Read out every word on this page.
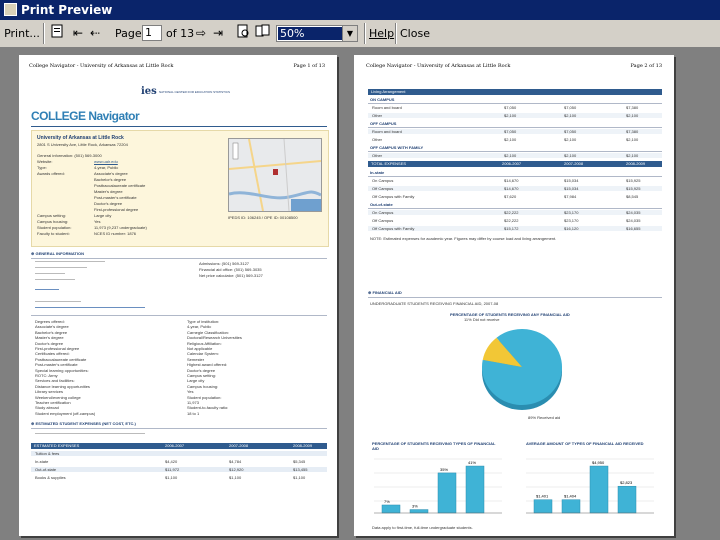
Print Preview
Print...	⇤ ⇠ Page 1	of 13 ⇨ ⇥	50%	▼	Help Close
College Navigator - University of Arkansas at Little Rock	Page 1 of 13
ies NATIONAL CENTER FOR EDUCATION STATISTICS
COLLEGE Navigator
University of Arkansas at Little Rock
2801 S University Ave, Little Rock, Arkansas 72204
General information: (501) 569-3000
Website:	www.ualr.edu
Type:	4-year, Public
Awards offered:	Associate's degree
Bachelor's degree
Postbaccalaureate certificate
Master's degree
Post-master's certificate
Doctor's degree
First-professional degree
Campus setting:	Large city
Campus housing:	Yes
Student population:	11,973 (9,237 undergraduate)
Faculty to student:	NCES ID number: 1876
IPEDS ID: 106245 / OPE ID: 00108500
⊕ GENERAL INFORMATION
Admissions: (501) 569-3127
Financial aid office: (501) 569-3035
Net price calculator: (501) 569-3127
Degrees offered:
Associate's degree
Bachelor's degree
Master's degree
Doctor's degree
First-professional degree
Certificates offered:
Postbaccalaureate certificate
Post-master's certificate
Special learning opportunities:
ROTC: Army
Services and facilities:
Distance learning opportunities
Library services
Weekend/evening college
Teacher certification
Study abroad
Student employment (off-campus)
Type of institution:
4-year, Public
Carnegie Classification:
Doctoral/Research Universities
Religious Affiliation:
Not applicable
Calendar System:
Semester
Highest award offered:
Doctor's degree
Campus setting:
Large city
Campus housing:
Yes
Student population:
11,973
Student-to-faculty ratio:
18 to 1
⊕ ESTIMATED STUDENT EXPENSES (NET COST, ETC.)
ESTIMATED EXPENSES	2006-2007	2007-2008	2008-2009
Tuition & fees
In-state	$4,420	$4,784	$5,345
Out-of-state	$11,972	$12,920	$13,455
Books & supplies	$1,100	$1,100	$1,100
College Navigator - University of Arkansas at Little Rock	Page 2 of 13
Living Arrangement
ON CAMPUS
Room and board	$7,050	$7,050	$7,380
Other	$2,100	$2,100	$2,100
OFF CAMPUS
Room and board	$7,050	$7,050	$7,380
Other	$2,100	$2,100	$2,100
OFF CAMPUS WITH FAMILY
Other	$2,100	$2,100	$2,100
TOTAL EXPENSES	2006-2007	2007-2008	2008-2009
In-state
On Campus	$14,670	$15,034	$15,925
Off Campus	$14,670	$15,034	$15,925
Off Campus with Family	$7,620	$7,984	$8,545
Out-of-state
On Campus	$22,222	$23,170	$24,035
Off Campus	$22,222	$23,170	$24,035
Off Campus with Family	$15,172	$16,120	$16,655
NOTE: Estimated expenses for academic year. Figures may differ by course load and living arrangement.
⊕ FINANCIAL AID
UNDERGRADUATE STUDENTS RECEIVING FINANCIAL AID, 2007-08
PERCENTAGE OF STUDENTS RECEIVING ANY FINANCIAL AID
11% Did not receive
89% Received aid
PERCENTAGE OF STUDENTS RECEIVING TYPES OF FINANCIAL AID
7%
3%
35%
41%
AVERAGE AMOUNT OF TYPES OF FINANCIAL AID RECEIVED
$1,401	$1,404
$4,950
$2,823
Data apply to first-time, full-time undergraduate students.
